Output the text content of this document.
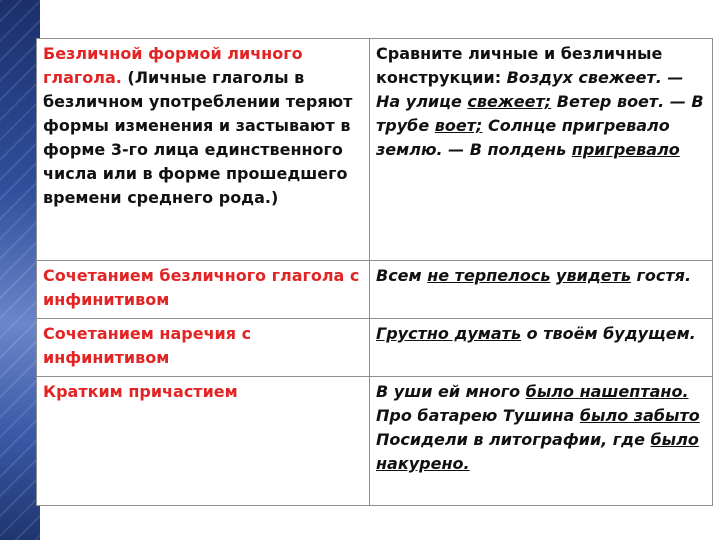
Безличной формой личного глагола. (Личные глаголы в безличном употреблении теряют формы изменения и застывают в форме 3-го лица единственного числа или в форме прошедшего времени среднего рода.)	Сравните личные и безличные конструкции: Воздух свежеет. — На улице свежеет; Ветер воет. — В трубе воет; Солнце пригревало землю. — В полдень пригревало
Сочетанием безличного глагола с инфинитивом	Всем не терпелось увидеть гостя.
Сочетанием наречия с инфинитивом	Грустно думать о твоём будущем.
Кратким причастием	В уши ей много было нашептано. Про батарею Тушина было забыто Посидели в литографии, где было накурено.
